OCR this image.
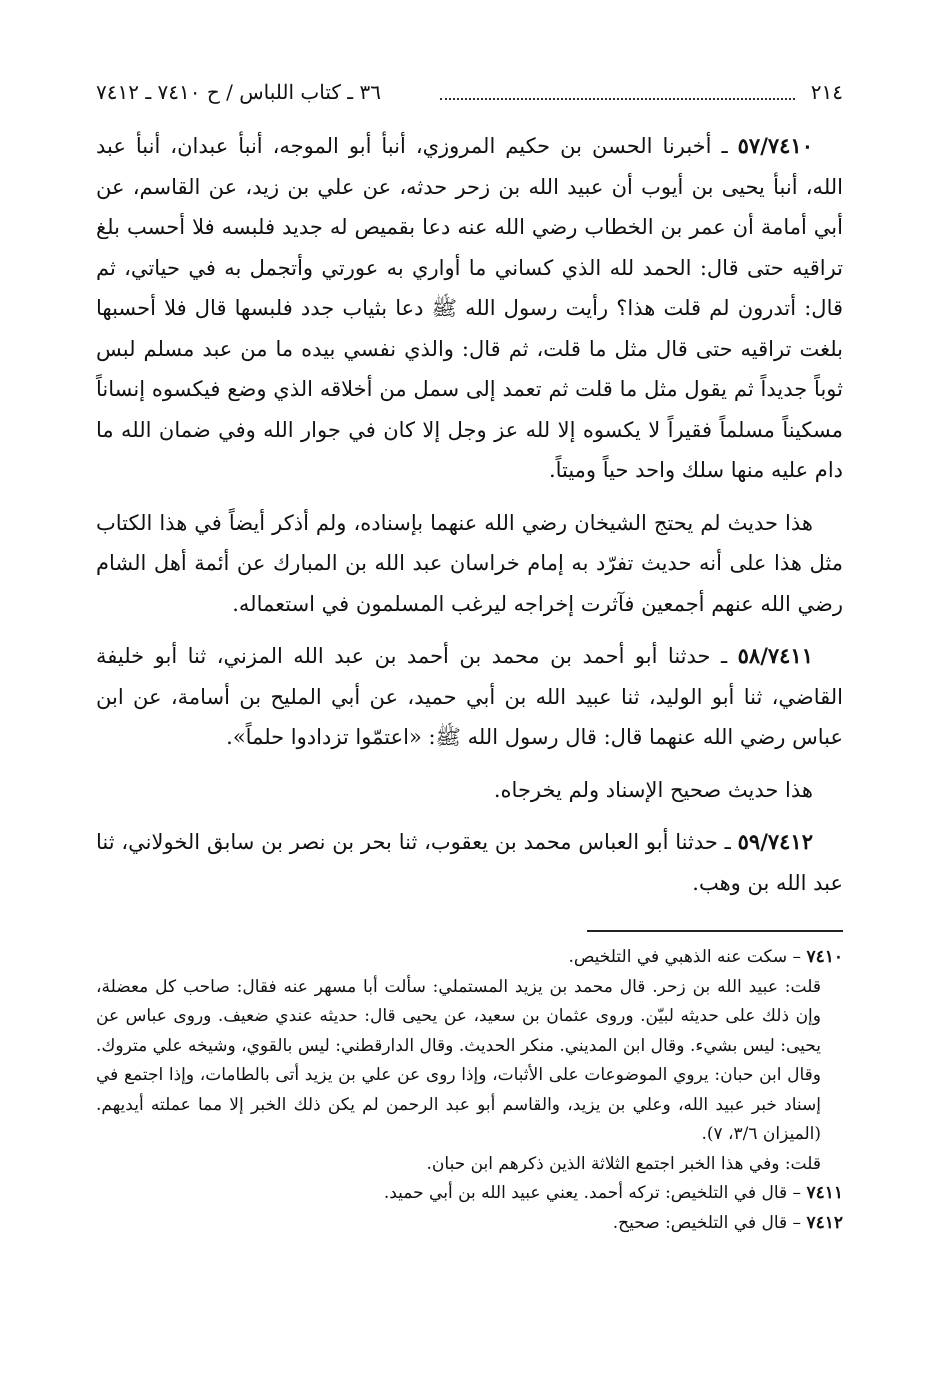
٢١٤
٣٦ ـ كتاب اللباس / ح ٧٤١٠ ـ ٧٤١٢

٥٧/٧٤١٠ ـ أخبرنا الحسن بن حكيم المروزي، أنبأ أبو الموجه، أنبأ عبدان، أنبأ عبد الله، أنبأ يحيى بن أيوب أن عبيد الله بن زحر حدثه، عن علي بن زيد، عن القاسم، عن أبي أمامة أن عمر بن الخطاب رضي الله عنه دعا بقميص له جديد فلبسه فلا أحسب بلغ تراقيه حتى قال: الحمد لله الذي كساني ما أواري به عورتي وأتجمل به في حياتي، ثم قال: أتدرون لم قلت هذا؟ رأيت رسول الله ﷺ دعا بثياب جدد فلبسها قال فلا أحسبها بلغت تراقيه حتى قال مثل ما قلت، ثم قال: والذي نفسي بيده ما من عبد مسلم لبس ثوباً جديداً ثم يقول مثل ما قلت ثم تعمد إلى سمل من أخلاقه الذي وضع فيكسوه إنساناً مسكيناً مسلماً فقيراً لا يكسوه إلا لله عز وجل إلا كان في جوار الله وفي ضمان الله ما دام عليه منها سلك واحد حياً وميتاً.

هذا حديث لم يحتج الشيخان رضي الله عنهما بإسناده، ولم أذكر أيضاً في هذا الكتاب مثل هذا على أنه حديث تفرّد به إمام خراسان عبد الله بن المبارك عن أئمة أهل الشام رضي الله عنهم أجمعين فآثرت إخراجه ليرغب المسلمون في استعماله.

٥٨/٧٤١١ ـ حدثنا أبو أحمد بن محمد بن أحمد بن عبد الله المزني، ثنا أبو خليفة القاضي، ثنا أبو الوليد، ثنا عبيد الله بن أبي حميد، عن أبي المليح بن أسامة، عن ابن عباس رضي الله عنهما قال: قال رسول الله ﷺ: «اعتمّوا تزدادوا حلماً».

هذا حديث صحيح الإسناد ولم يخرجاه.

٥٩/٧٤١٢ ـ حدثنا أبو العباس محمد بن يعقوب، ثنا بحر بن نصر بن سابق الخولاني، ثنا عبد الله بن وهب.

٧٤١٠ – سكت عنه الذهبي في التلخيص.

قلت: عبيد الله بن زحر. قال محمد بن يزيد المستملي: سألت أبا مسهر عنه فقال: صاحب كل معضلة، وإن ذلك على حديثه لبيّن. وروى عثمان بن سعيد، عن يحيى قال: حديثه عندي ضعيف. وروى عباس عن يحيى: ليس بشيء. وقال ابن المديني. منكر الحديث. وقال الدارقطني: ليس بالقوي، وشيخه علي متروك. وقال ابن حبان: يروي الموضوعات على الأثبات، وإذا روى عن علي بن يزيد أتى بالطامات، وإذا اجتمع في إسناد خبر عبيد الله، وعلي بن يزيد، والقاسم أبو عبد الرحمن لم يكن ذلك الخبر إلا مما عملته أيديهم. (الميزان ٣/٦، ٧).

قلت: وفي هذا الخبر اجتمع الثلاثة الذين ذكرهم ابن حبان.

٧٤١١ – قال في التلخيص: تركه أحمد. يعني عبيد الله بن أبي حميد.

٧٤١٢ – قال في التلخيص: صحيح.
